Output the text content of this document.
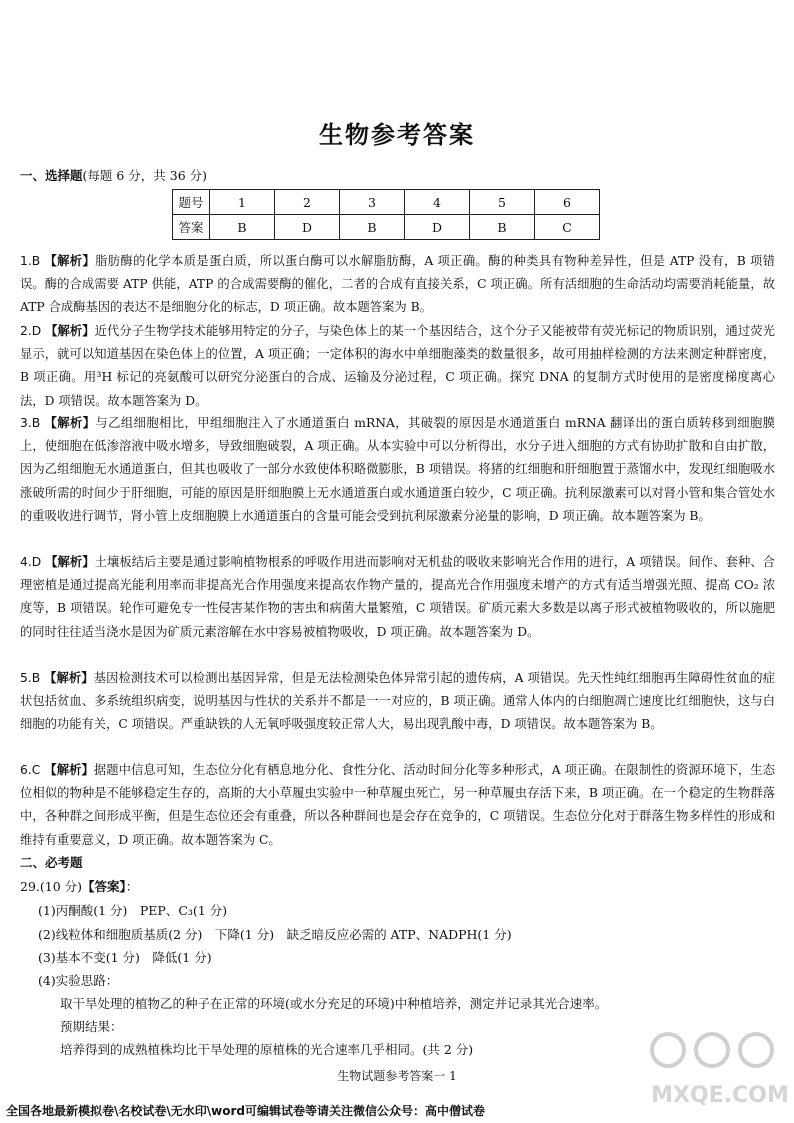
生物参考答案
一、选择题(每题 6 分，共 36 分)
题号	1	2	3	4	5	6
答案	B	D	B	D	B	C
1.B 【解析】脂肪酶的化学本质是蛋白质，所以蛋白酶可以水解脂肪酶，A 项正确。酶的种类具有物种差异性，但是 ATP 没有，B 项错误。酶的合成需要 ATP 供能，ATP 的合成需要酶的催化，二者的合成有直接关系，C 项正确。所有活细胞的生命活动均需要消耗能量，故 ATP 合成酶基因的表达不是细胞分化的标志，D 项正确。故本题答案为 B。
2.D 【解析】近代分子生物学技术能够用特定的分子，与染色体上的某一个基因结合，这个分子又能被带有荧光标记的物质识别，通过荧光显示，就可以知道基因在染色体上的位置，A 项正确；一定体积的海水中单细胞藻类的数量很多，故可用抽样检测的方法来测定种群密度，B 项正确。用³H 标记的亮氨酸可以研究分泌蛋白的合成、运输及分泌过程，C 项正确。探究 DNA 的复制方式时使用的是密度梯度离心法，D 项错误。故本题答案为 D。
3.B 【解析】与乙组细胞相比，甲组细胞注入了水通道蛋白 mRNA，其破裂的原因是水通道蛋白 mRNA 翻译出的蛋白质转移到细胞膜上，使细胞在低渗溶液中吸水增多，导致细胞破裂，A 项正确。从本实验中可以分析得出，水分子进入细胞的方式有协助扩散和自由扩散，因为乙组细胞无水通道蛋白，但其也吸收了一部分水致使体积略微膨胀，B 项错误。将猪的红细胞和肝细胞置于蒸馏水中，发现红细胞吸水涨破所需的时间少于肝细胞，可能的原因是肝细胞膜上无水通道蛋白或水通道蛋白较少，C 项正确。抗利尿激素可以对肾小管和集合管处水的重吸收进行调节，肾小管上皮细胞膜上水通道蛋白的含量可能会受到抗利尿激素分泌量的影响，D 项正确。故本题答案为 B。
4.D 【解析】土壤板结后主要是通过影响植物根系的呼吸作用进而影响对无机盐的吸收来影响光合作用的进行，A 项错误。间作、套种、合理密植是通过提高光能利用率而非提高光合作用强度来提高农作物产量的，提高光合作用强度未增产的方式有适当增强光照、提高 CO₂ 浓度等，B 项错误。轮作可避免专一性侵害某作物的害虫和病菌大量繁殖，C 项错误。矿质元素大多数是以离子形式被植物吸收的，所以施肥的同时往往适当浇水是因为矿质元素溶解在水中容易被植物吸收，D 项正确。故本题答案为 D。
5.B 【解析】基因检测技术可以检测出基因异常，但是无法检测染色体异常引起的遗传病，A 项错误。先天性纯红细胞再生障碍性贫血的症状包括贫血、多系统组织病变，说明基因与性状的关系并不都是一一对应的，B 项正确。通常人体内的白细胞凋亡速度比红细胞快，这与白细胞的功能有关，C 项错误。严重缺铁的人无氧呼吸强度较正常人大，易出现乳酸中毒，D 项错误。故本题答案为 B。
6.C 【解析】据题中信息可知，生态位分化有栖息地分化、食性分化、活动时间分化等多种形式，A 项正确。在限制性的资源环境下，生态位相似的物种是不能够稳定生存的，高斯的大小草履虫实验中一种草履虫死亡，另一种草履虫存活下来，B 项正确。在一个稳定的生物群落中，各种群之间形成平衡，但是生态位还会有重叠，所以各种群间也是会存在竞争的，C 项错误。生态位分化对于群落生物多样性的形成和维持有重要意义，D 项正确。故本题答案为 C。
二、必考题
29.(10 分)【答案】：
(1)丙酮酸(1 分)　PEP、C₃(1 分)
(2)线粒体和细胞质基质(2 分)　下降(1 分)　缺乏暗反应必需的 ATP、NADPH(1 分)
(3)基本不变(1 分)　降低(1 分)
(4)实验思路：
取干旱处理的植物乙的种子在正常的环境(或水分充足的环境)中种植培养，测定并记录其光合速率。
预期结果：
培养得到的成熟植株均比干旱处理的原植株的光合速率几乎相同。(共 2 分)
生物试题参考答案一 1
MXQE.COM
全国各地最新模拟卷\名校试卷\无水印\word可编辑试卷等请关注微信公众号：高中僧试卷
